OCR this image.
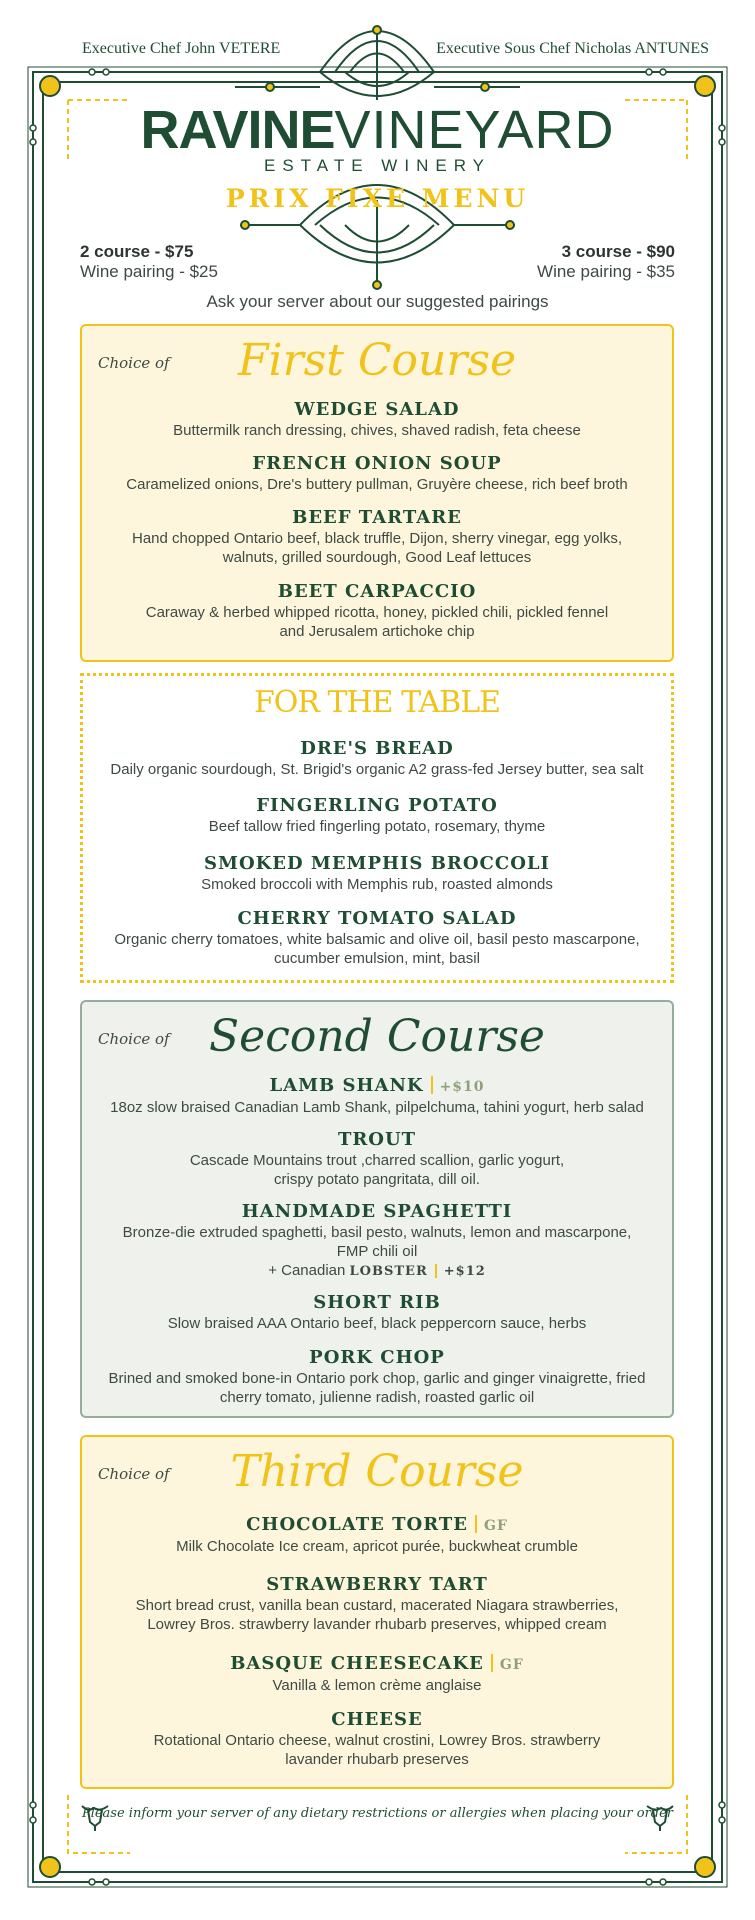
Executive Chef John VETERE	Executive Sous Chef Nicholas ANTUNES
RAVINEVINEYARD
ESTATE WINERY
PRIX FIXE MENU
2 course - $75
Wine pairing - $25
3 course - $90
Wine pairing - $35
Ask your server about our suggested pairings
Choice of	First Course
WEDGE SALAD
Buttermilk ranch dressing, chives, shaved radish, feta cheese
FRENCH ONION SOUP
Caramelized onions, Dre's buttery pullman, Gruyère cheese, rich beef broth
BEEF TARTARE
Hand chopped Ontario beef, black truffle, Dijon, sherry vinegar, egg yolks,
walnuts, grilled sourdough, Good Leaf lettuces
BEET CARPACCIO
Caraway & herbed whipped ricotta, honey, pickled chili, pickled fennel
and Jerusalem artichoke chip
FOR THE TABLE
DRE'S BREAD
Daily organic sourdough, St. Brigid's organic A2 grass-fed Jersey butter, sea salt
FINGERLING POTATO
Beef tallow fried fingerling potato, rosemary, thyme
SMOKED MEMPHIS BROCCOLI
Smoked broccoli with Memphis rub, roasted almonds
CHERRY TOMATO SALAD
Organic cherry tomatoes, white balsamic and olive oil, basil pesto mascarpone,
cucumber emulsion, mint, basil
Choice of Second Course
LAMB SHANK +$10
18oz slow braised Canadian Lamb Shank, pilpelchuma, tahini yogurt, herb salad
TROUT
Cascade Mountains trout ,charred scallion, garlic yogurt,
crispy potato pangritata, dill oil.
HANDMADE SPAGHETTI
Bronze-die extruded spaghetti, basil pesto, walnuts, lemon and mascarpone,
FMP chili oil
+ Canadian LOBSTER +$12
SHORT RIB
Slow braised AAA Ontario beef, black peppercorn sauce, herbs
PORK CHOP
Brined and smoked bone-in Ontario pork chop, garlic and ginger vinaigrette, fried
cherry tomato, julienne radish, roasted garlic oil
Choice of	Third Course
CHOCOLATE TORTE GF
Milk Chocolate Ice cream, apricot purée, buckwheat crumble
STRAWBERRY TART
Short bread crust, vanilla bean custard, macerated Niagara strawberries,
Lowrey Bros. strawberry lavander rhubarb preserves, whipped cream
BASQUE CHEESECAKE GF
Vanilla & lemon crème anglaise
CHEESE
Rotational Ontario cheese, walnut crostini, Lowrey Bros. strawberry
lavander rhubarb preserves
Please inform your server of any dietary restrictions or allergies when placing your order
